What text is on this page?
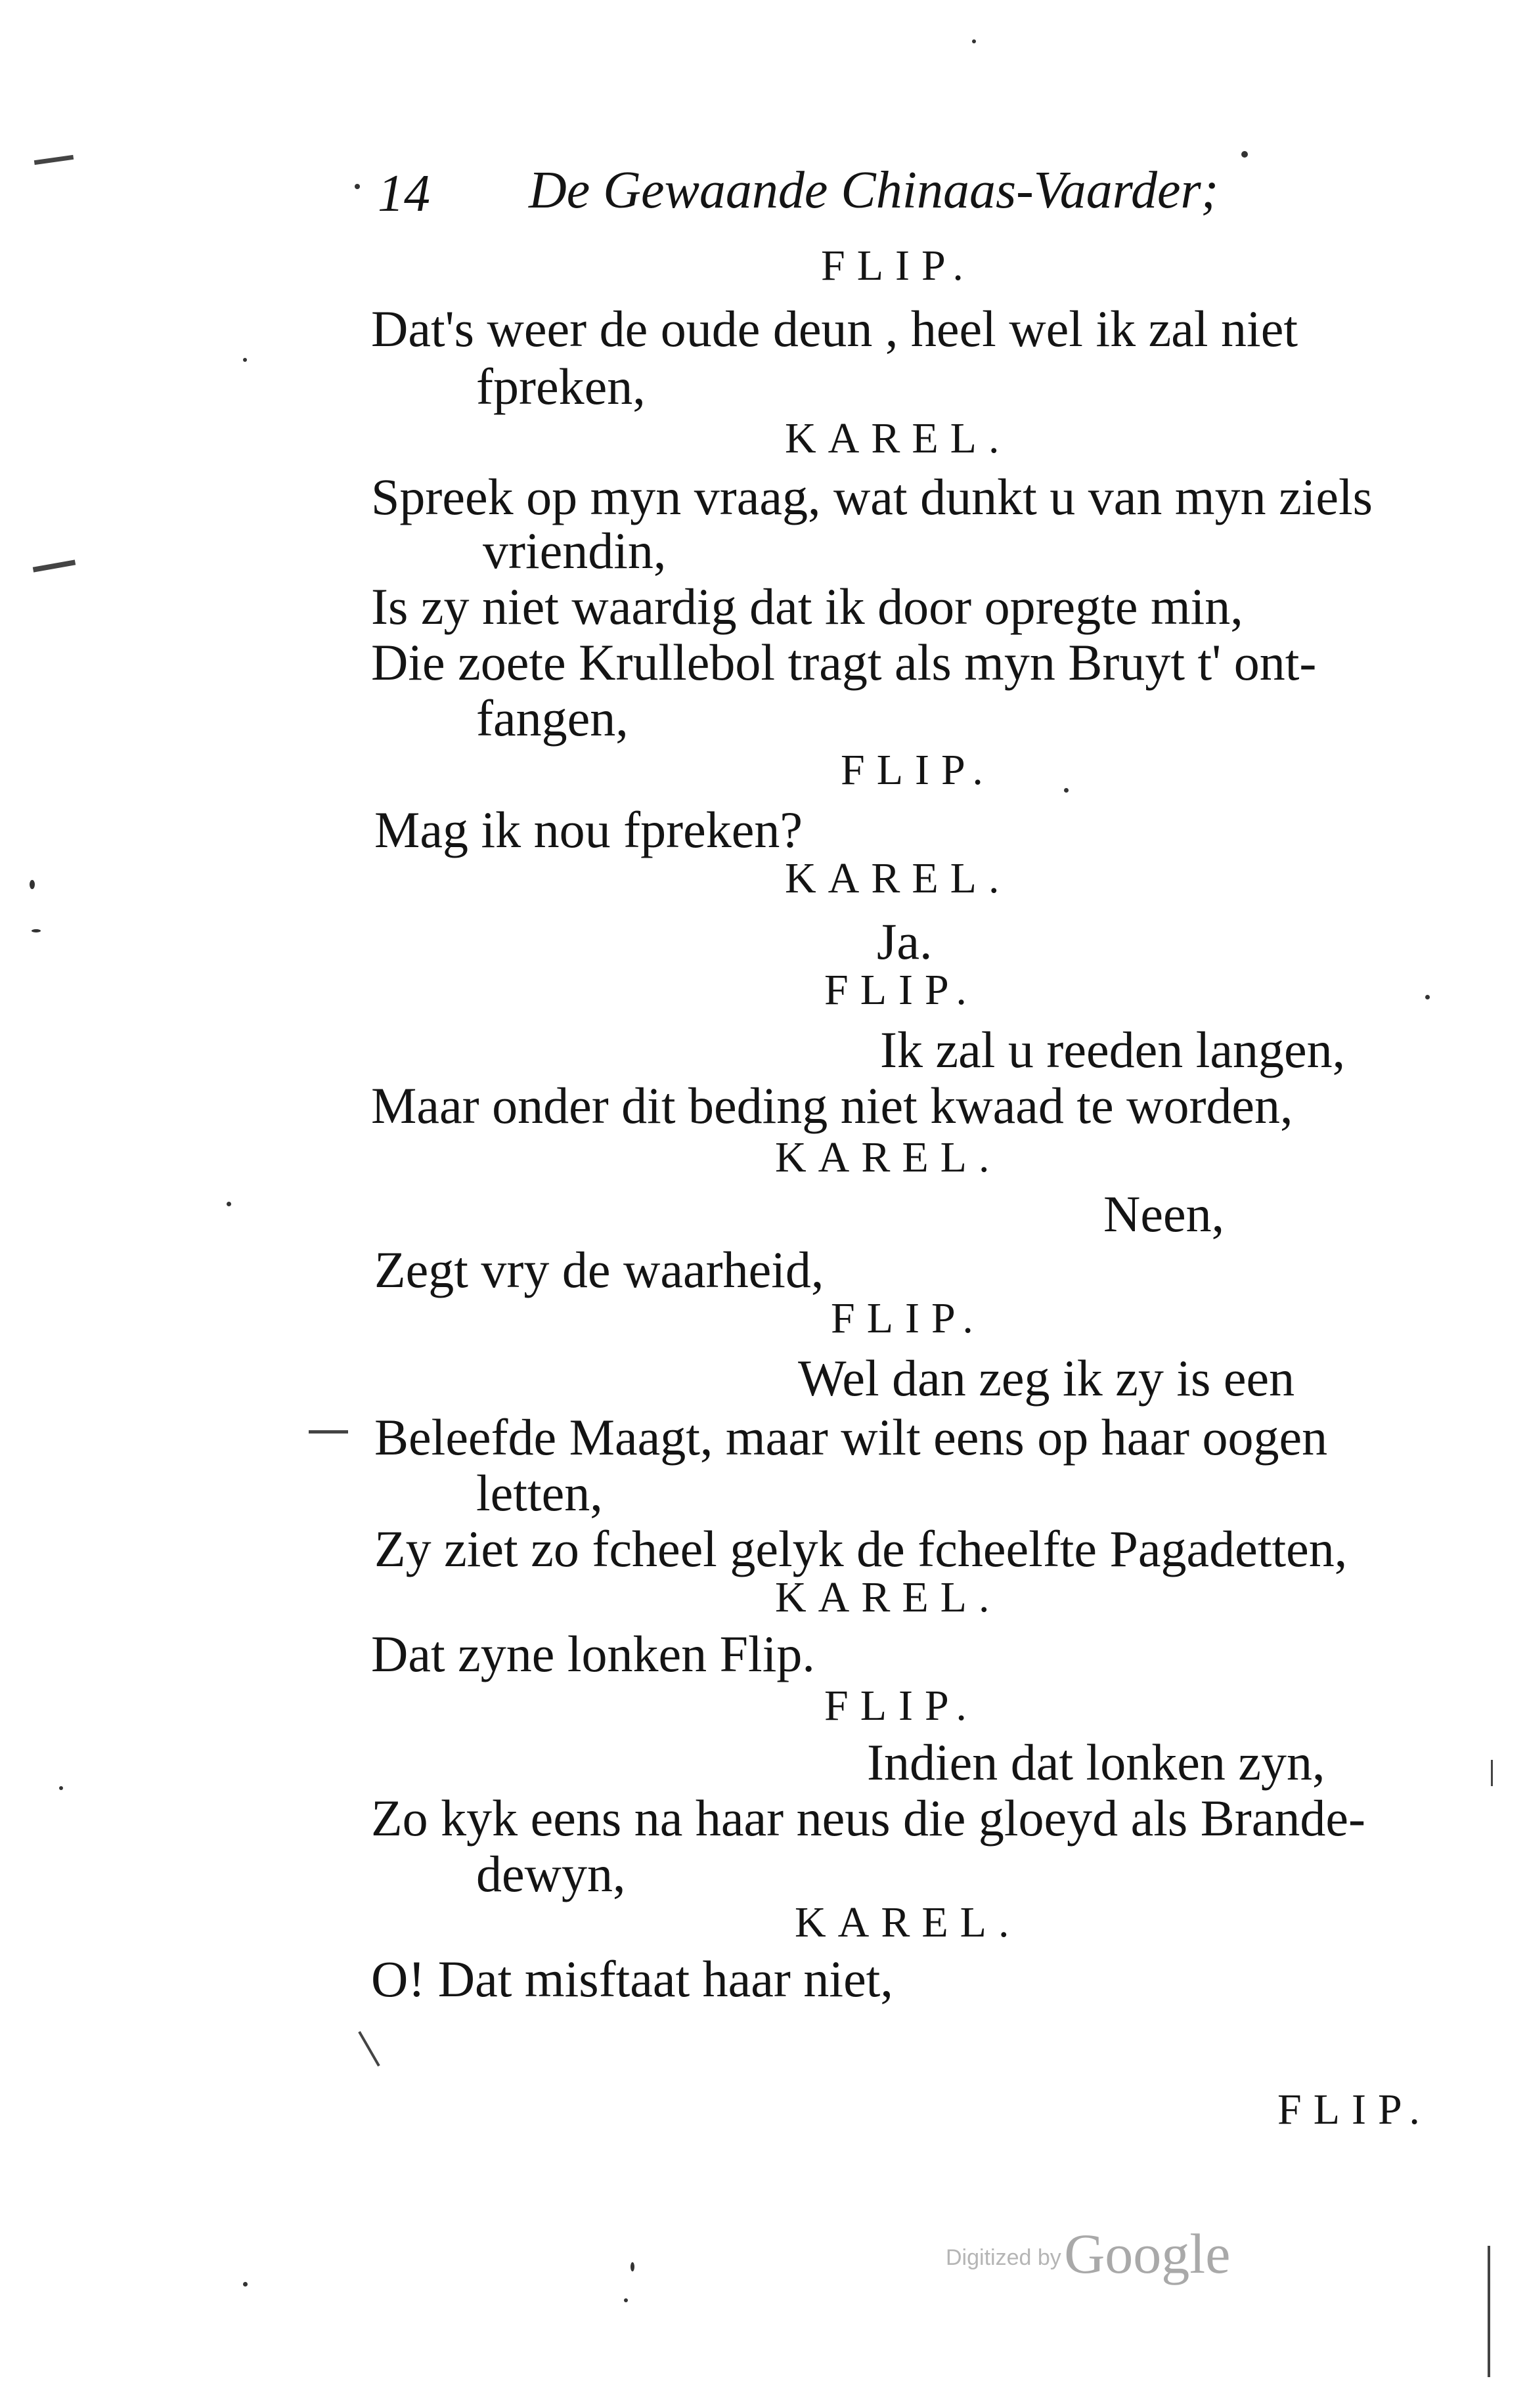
14 De Gewaande Chinaas-Vaarder;
FLIP.
Dat's weer de oude deun , heel wel ik zal niet
fpreken,
KAREL.
Spreek op myn vraag, wat dunkt u van myn ziels
vriendin,
Is zy niet waardig dat ik door opregte min,
Die zoete Krullebol tragt als myn Bruyt t' ont-
fangen,
FLIP.
Mag ik nou fpreken?
KAREL.
Ja.
FLIP.
Ik zal u reeden langen,
Maar onder dit beding niet kwaad te worden,
KAREL.
Neen,
Zegt vry de waarheid,
FLIP.
Wel dan zeg ik zy is een
Beleefde Maagt, maar wilt eens op haar oogen
letten,
Zy ziet zo fcheel gelyk de fcheelfte Pagadetten,
KAREL.
Dat zyne lonken Flip.
FLIP.
Indien dat lonken zyn,
Zo kyk eens na haar neus die gloeyd als Brande-
dewyn,
KAREL.
O! Dat misftaat haar niet,
FLIP.
Digitized by Google
